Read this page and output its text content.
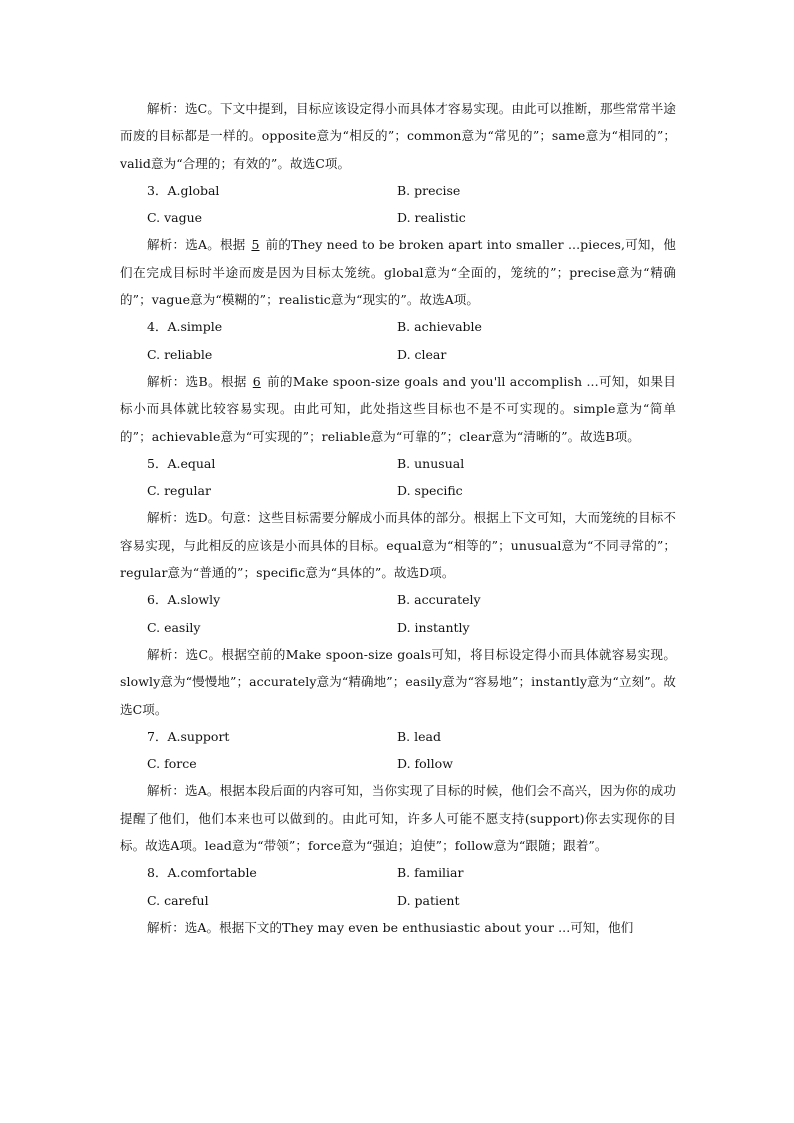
解析：选C。下文中提到，目标应该设定得小而具体才容易实现。由此可以推断，那些常常半途而废的目标都是一样的。opposite意为“相反的”；common意为“常见的”；same意为“相同的”；valid意为“合理的；有效的”。故选C项。

3．A.global	B. precise
C. vague	D. realistic

解析：选A。根据 5 前的They need to be broken apart into smaller ...pieces,可知，他们在完成目标时半途而废是因为目标太笼统。global意为“全面的，笼统的”；precise意为“精确的”；vague意为“模糊的”；realistic意为“现实的”。故选A项。

4．A.simple	B. achievable
C. reliable	D. clear

解析：选B。根据 6 前的Make spoon-size goals and you'll accomplish ...可知，如果目标小而具体就比较容易实现。由此可知，此处指这些目标也不是不可实现的。simple意为“简单的”；achievable意为“可实现的”；reliable意为“可靠的”；clear意为“清晰的”。故选B项。

5．A.equal	B. unusual
C. regular	D. specific

解析：选D。句意：这些目标需要分解成小而具体的部分。根据上下文可知，大而笼统的目标不容易实现，与此相反的应该是小而具体的目标。equal意为“相等的”；unusual意为“不同寻常的”；regular意为“普通的”；specific意为“具体的”。故选D项。

6．A.slowly	B. accurately
C. easily	D. instantly

解析：选C。根据空前的Make spoon-size goals可知，将目标设定得小而具体就容易实现。slowly意为“慢慢地”；accurately意为“精确地”；easily意为“容易地”；instantly意为“立刻”。故选C项。

7．A.support	B. lead
C. force	D. follow

解析：选A。根据本段后面的内容可知，当你实现了目标的时候，他们会不高兴，因为你的成功提醒了他们，他们本来也可以做到的。由此可知，许多人可能不愿支持(support)你去实现你的目标。故选A项。lead意为“带领”；force意为“强迫；迫使”；follow意为“跟随；跟着”。

8．A.comfortable	B. familiar
C. careful	D. patient

解析：选A。根据下文的They may even be enthusiastic about your ...可知，他们
